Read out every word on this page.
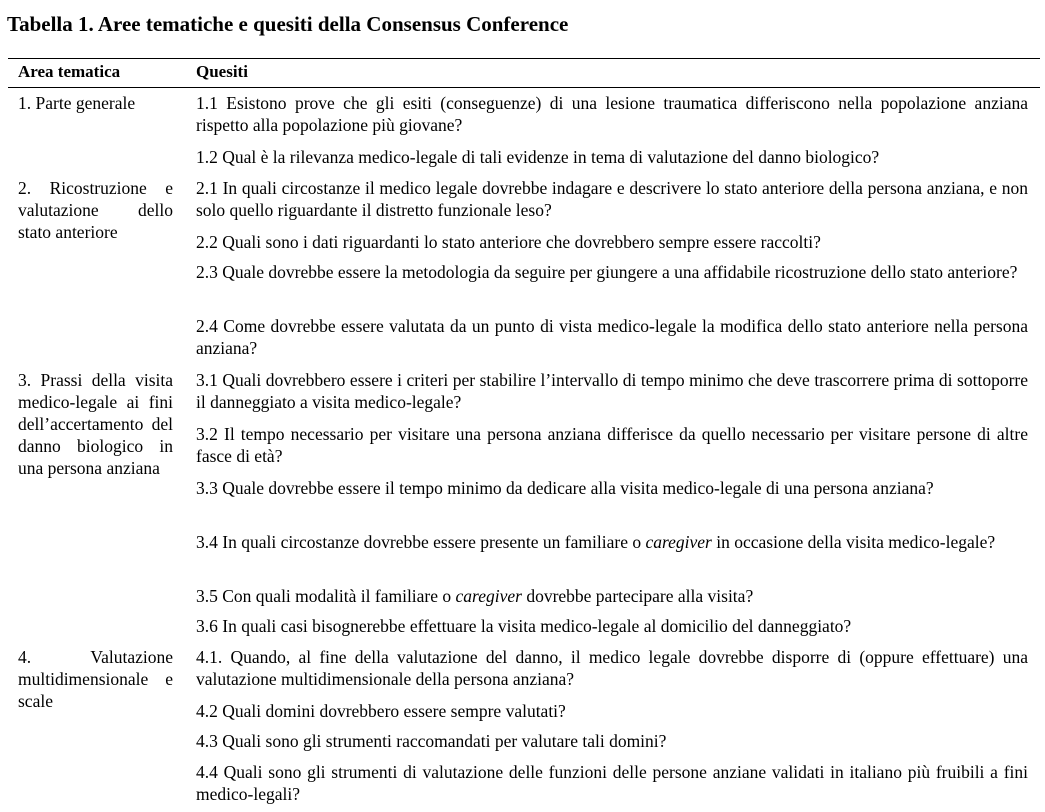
Tabella 1. Aree tematiche e quesiti della Consensus Conference
Area tematica	Quesiti
1. Parte generale
2. Ricostruzione e valutazione dello stato anteriore
3. Prassi della visita medico-legale ai fini dell’accertamento del danno biologico in una persona anziana
4. Valutazione multidimensionale e scale
1.1 Esistono prove che gli esiti (conseguenze) di una lesione traumatica differiscono nella popolazione anziana rispetto alla popolazione più giovane?
1.2 Qual è la rilevanza medico-legale di tali evidenze in tema di valutazione del danno biologico?
2.1 In quali circostanze il medico legale dovrebbe indagare e descrivere lo stato anteriore della persona anziana, e non solo quello riguardante il distretto funzionale leso?
2.2 Quali sono i dati riguardanti lo stato anteriore che dovrebbero sempre essere raccolti?
2.3 Quale dovrebbe essere la metodologia da seguire per giungere a una affidabile ricostruzione dello stato anteriore?
2.4 Come dovrebbe essere valutata da un punto di vista medico-legale la modifica dello stato anteriore nella persona anziana?
3.1 Quali dovrebbero essere i criteri per stabilire l’intervallo di tempo minimo che deve trascorrere prima di sottoporre il danneggiato a visita medico-legale?
3.2 Il tempo necessario per visitare una persona anziana differisce da quello necessario per visitare persone di altre fasce di età?
3.3 Quale dovrebbe essere il tempo minimo da dedicare alla visita medico-legale di una persona anziana?
3.4 In quali circostanze dovrebbe essere presente un familiare o caregiver in occasione della visita medico-legale?
3.5 Con quali modalità il familiare o caregiver dovrebbe partecipare alla visita?
3.6 In quali casi bisognerebbe effettuare la visita medico-legale al domicilio del danneggiato?
4.1. Quando, al fine della valutazione del danno, il medico legale dovrebbe disporre di (oppure effettuare) una valutazione multidimensionale della persona anziana?
4.2 Quali domini dovrebbero essere sempre valutati?
4.3 Quali sono gli strumenti raccomandati per valutare tali domini?
4.4 Quali sono gli strumenti di valutazione delle funzioni delle persone anziane validati in italiano più fruibili a fini medico-legali?
